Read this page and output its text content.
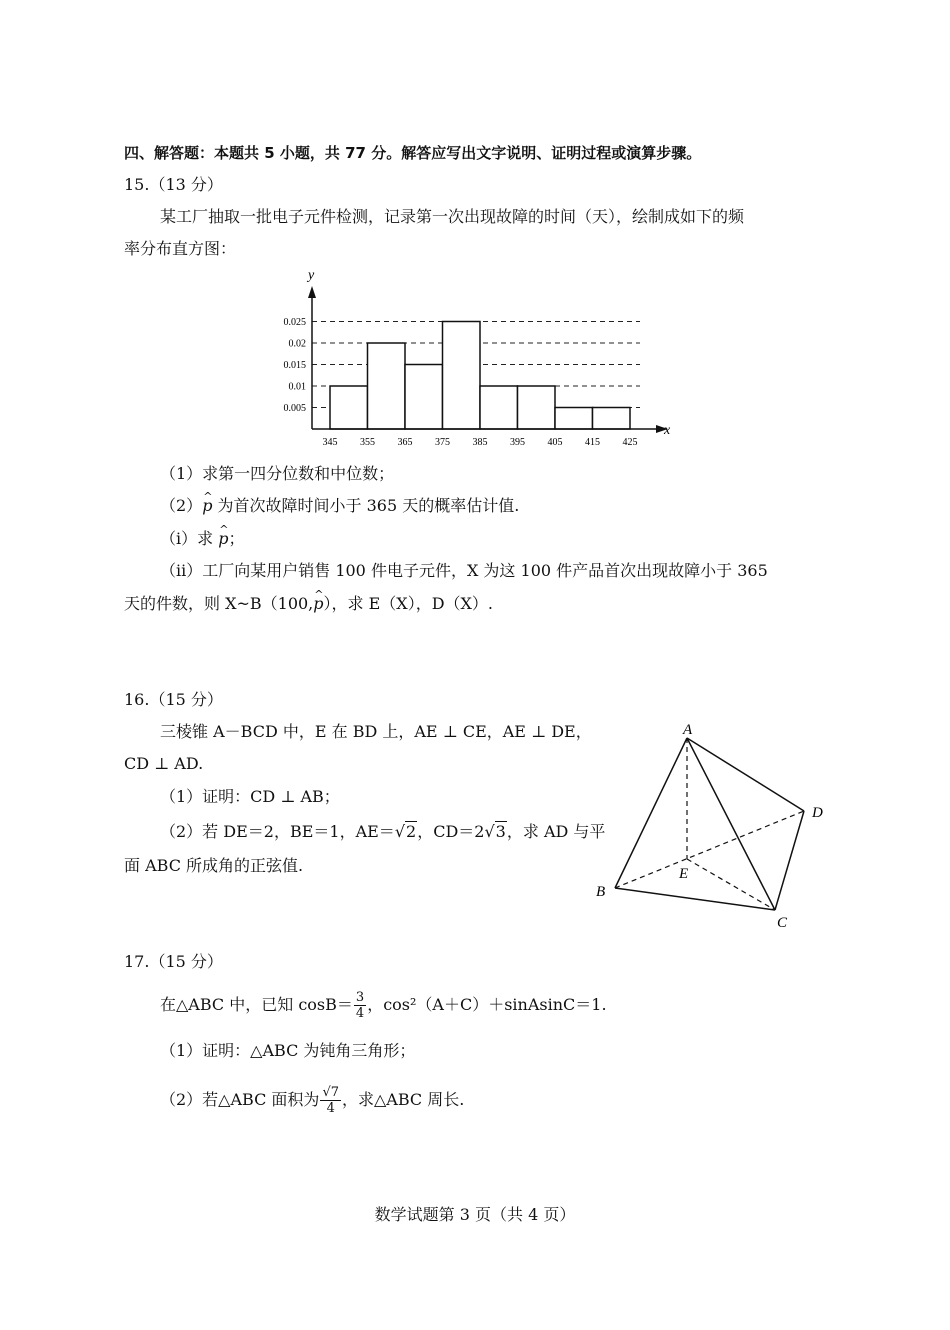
四、解答题：本题共 5 小题，共 77 分。解答应写出文字说明、证明过程或演算步骤。
15.（13 分）
某工厂抽取一批电子元件检测，记录第一次出现故障的时间（天），绘制成如下的频
率分布直方图：
0.005
0.01
0.015
0.02
0.025
y
x
345 355 365 375 385 395 405 415 425
（1）求第一四分位数和中位数；
（2）^ p 为首次故障时间小于 365 天的概率估计值.
（ⅰ）求 ^ p；
（ⅱ）工厂向某用户销售 100 件电子元件，X 为这 100 件产品首次出现故障小于 365
天的件数，则 X~B（100,^ p），求 E（X），D（X）.
16.（15 分）
三棱锥 A－BCD 中，E 在 BD 上，AE ⊥ CE，AE ⊥ DE，
CD ⊥ AD.
（1）证明：CD ⊥ AB；
（2）若 DE＝2，BE＝1，AE＝√2，CD＝2√3，求 AD 与平
面 ABC 所成角的正弦值.
A
B
C
D
E
17.（15 分）
在△ABC 中，已知 $\cos B= \frac{3}{4}$ ，cos²（A＋C）＋sinAsinC＝1.
（1）证明：△ABC 为钝角三角形；
（2）若△ABC 面积为 $\frac{√7}{4}$ ，求△ABC 周长.
数学试题第 3 页（共 4 页）
